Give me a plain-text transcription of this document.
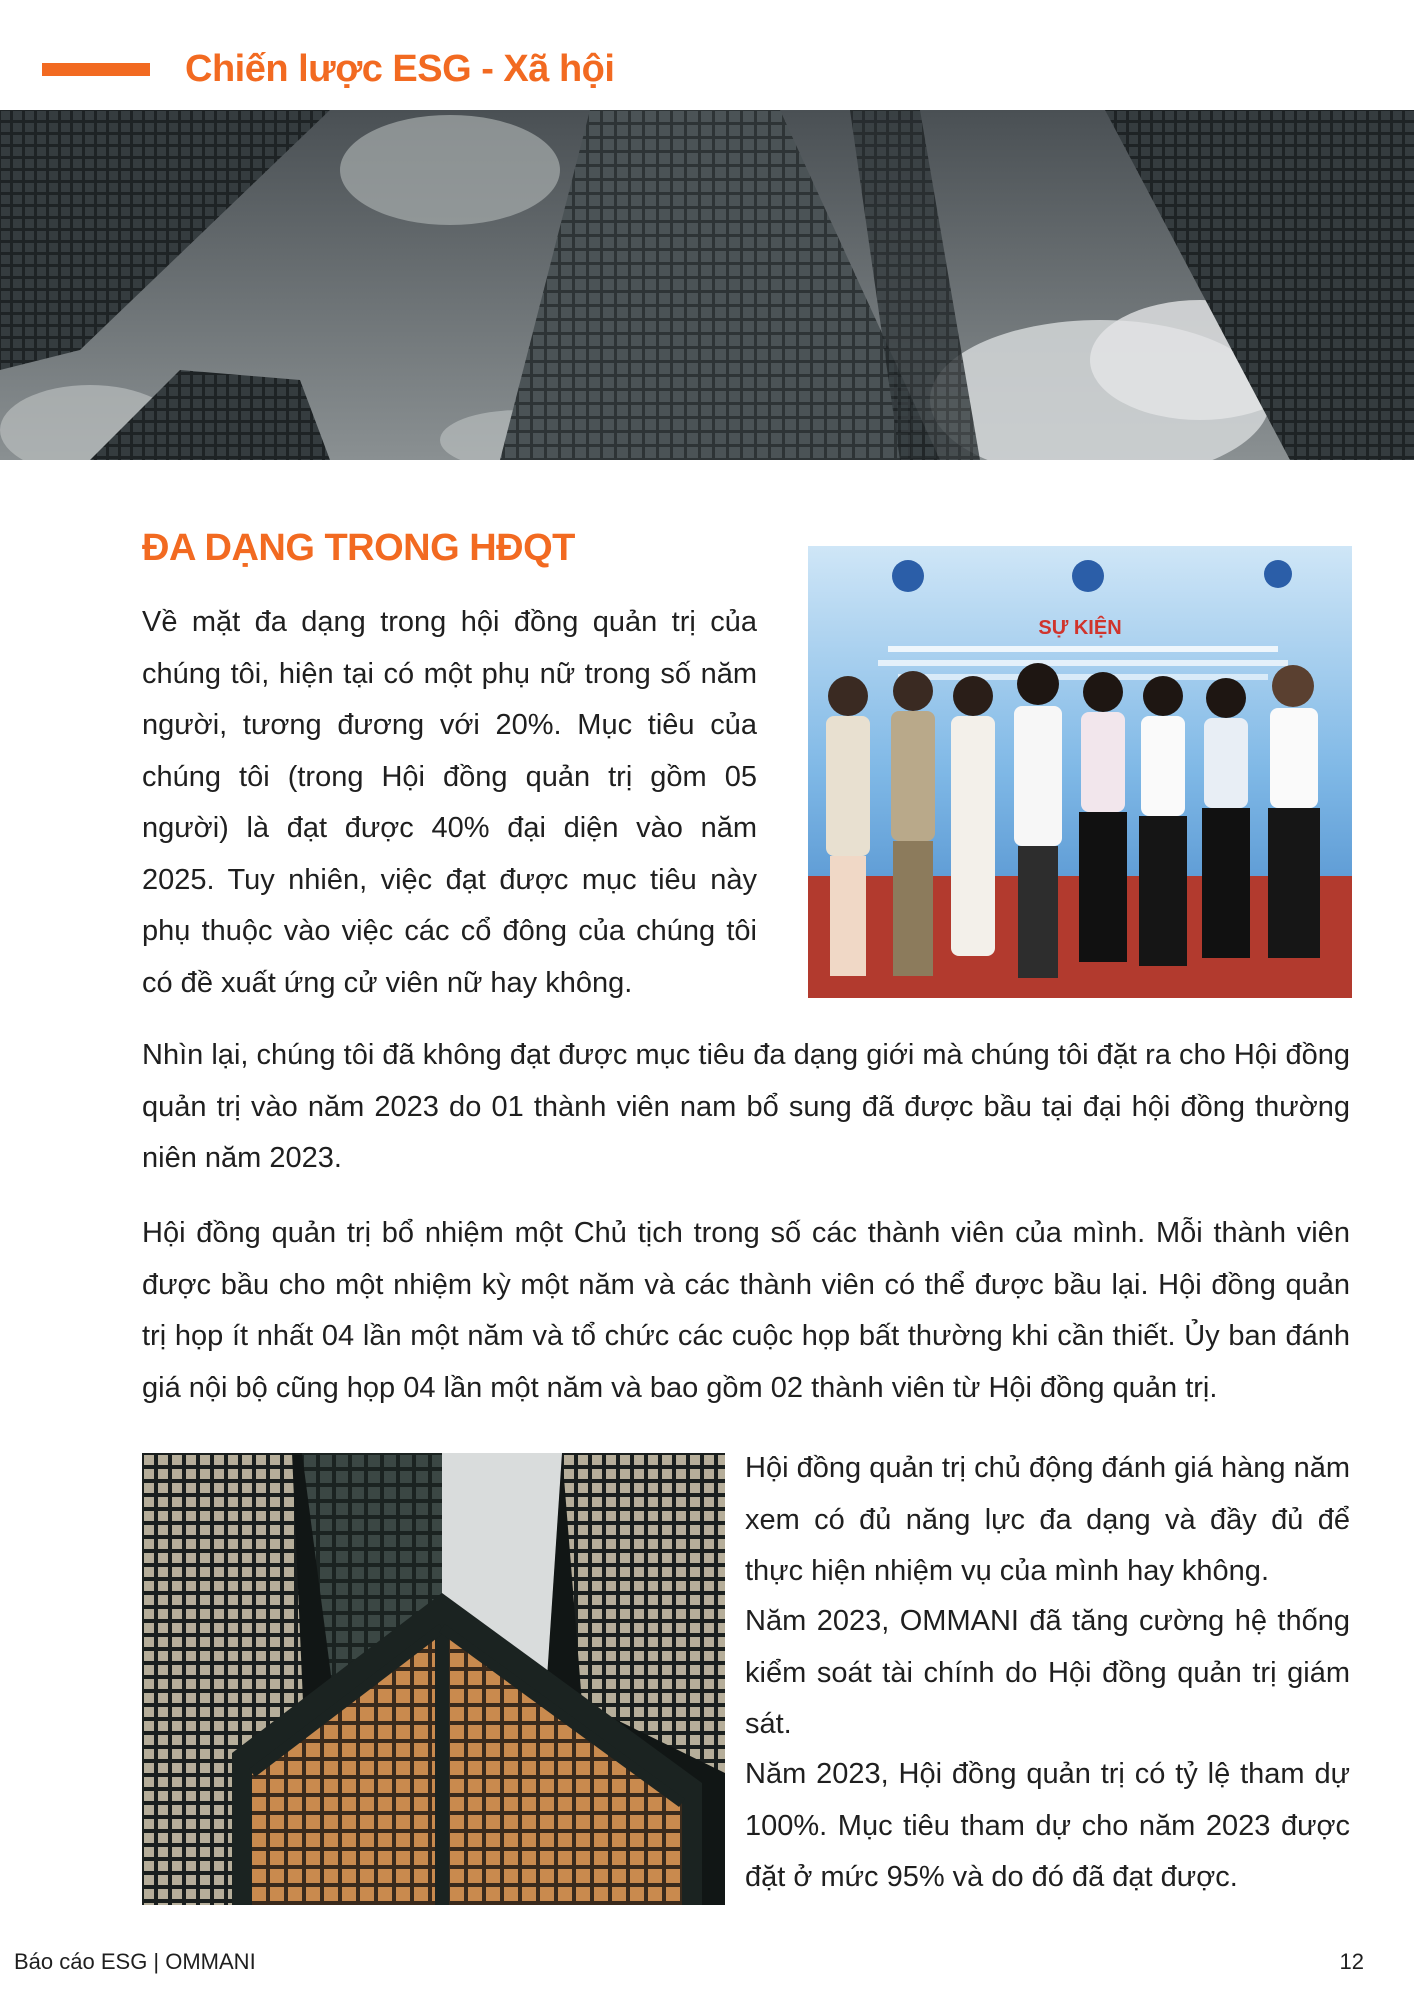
Chiến lược ESG - Xã hội
ĐA DẠNG TRONG HĐQT

Về mặt đa dạng trong hội đồng quản trị của chúng tôi, hiện tại có một phụ nữ trong số năm người, tương đương với 20%. Mục tiêu của chúng tôi (trong Hội đồng quản trị gồm 05 người) là đạt được 40% đại diện vào năm 2025. Tuy nhiên, việc đạt được mục tiêu này phụ thuộc vào việc các cổ đông của chúng tôi có đề xuất ứng cử viên nữ hay không.

SỰ KIỆN

Nhìn lại, chúng tôi đã không đạt được mục tiêu đa dạng giới mà chúng tôi đặt ra cho Hội đồng quản trị vào năm 2023 do 01 thành viên nam bổ sung đã được bầu tại đại hội đồng thường niên năm 2023.

Hội đồng quản trị bổ nhiệm một Chủ tịch trong số các thành viên của mình. Mỗi thành viên được bầu cho một nhiệm kỳ một năm và các thành viên có thể được bầu lại. Hội đồng quản trị họp ít nhất 04 lần một năm và tổ chức các cuộc họp bất thường khi cần thiết. Ủy ban đánh giá nội bộ cũng họp 04 lần một năm và bao gồm 02 thành viên từ Hội đồng quản trị.

Hội đồng quản trị chủ động đánh giá hàng năm xem có đủ năng lực đa dạng và đầy đủ để thực hiện nhiệm vụ của mình hay không.

Năm 2023, OMMANI đã tăng cường hệ thống kiểm soát tài chính do Hội đồng quản trị giám sát.

Năm 2023, Hội đồng quản trị có tỷ lệ tham dự 100%. Mục tiêu tham dự cho năm 2023 được đặt ở mức 95% và do đó đã đạt được.

Báo cáo ESG | OMMANI	12
